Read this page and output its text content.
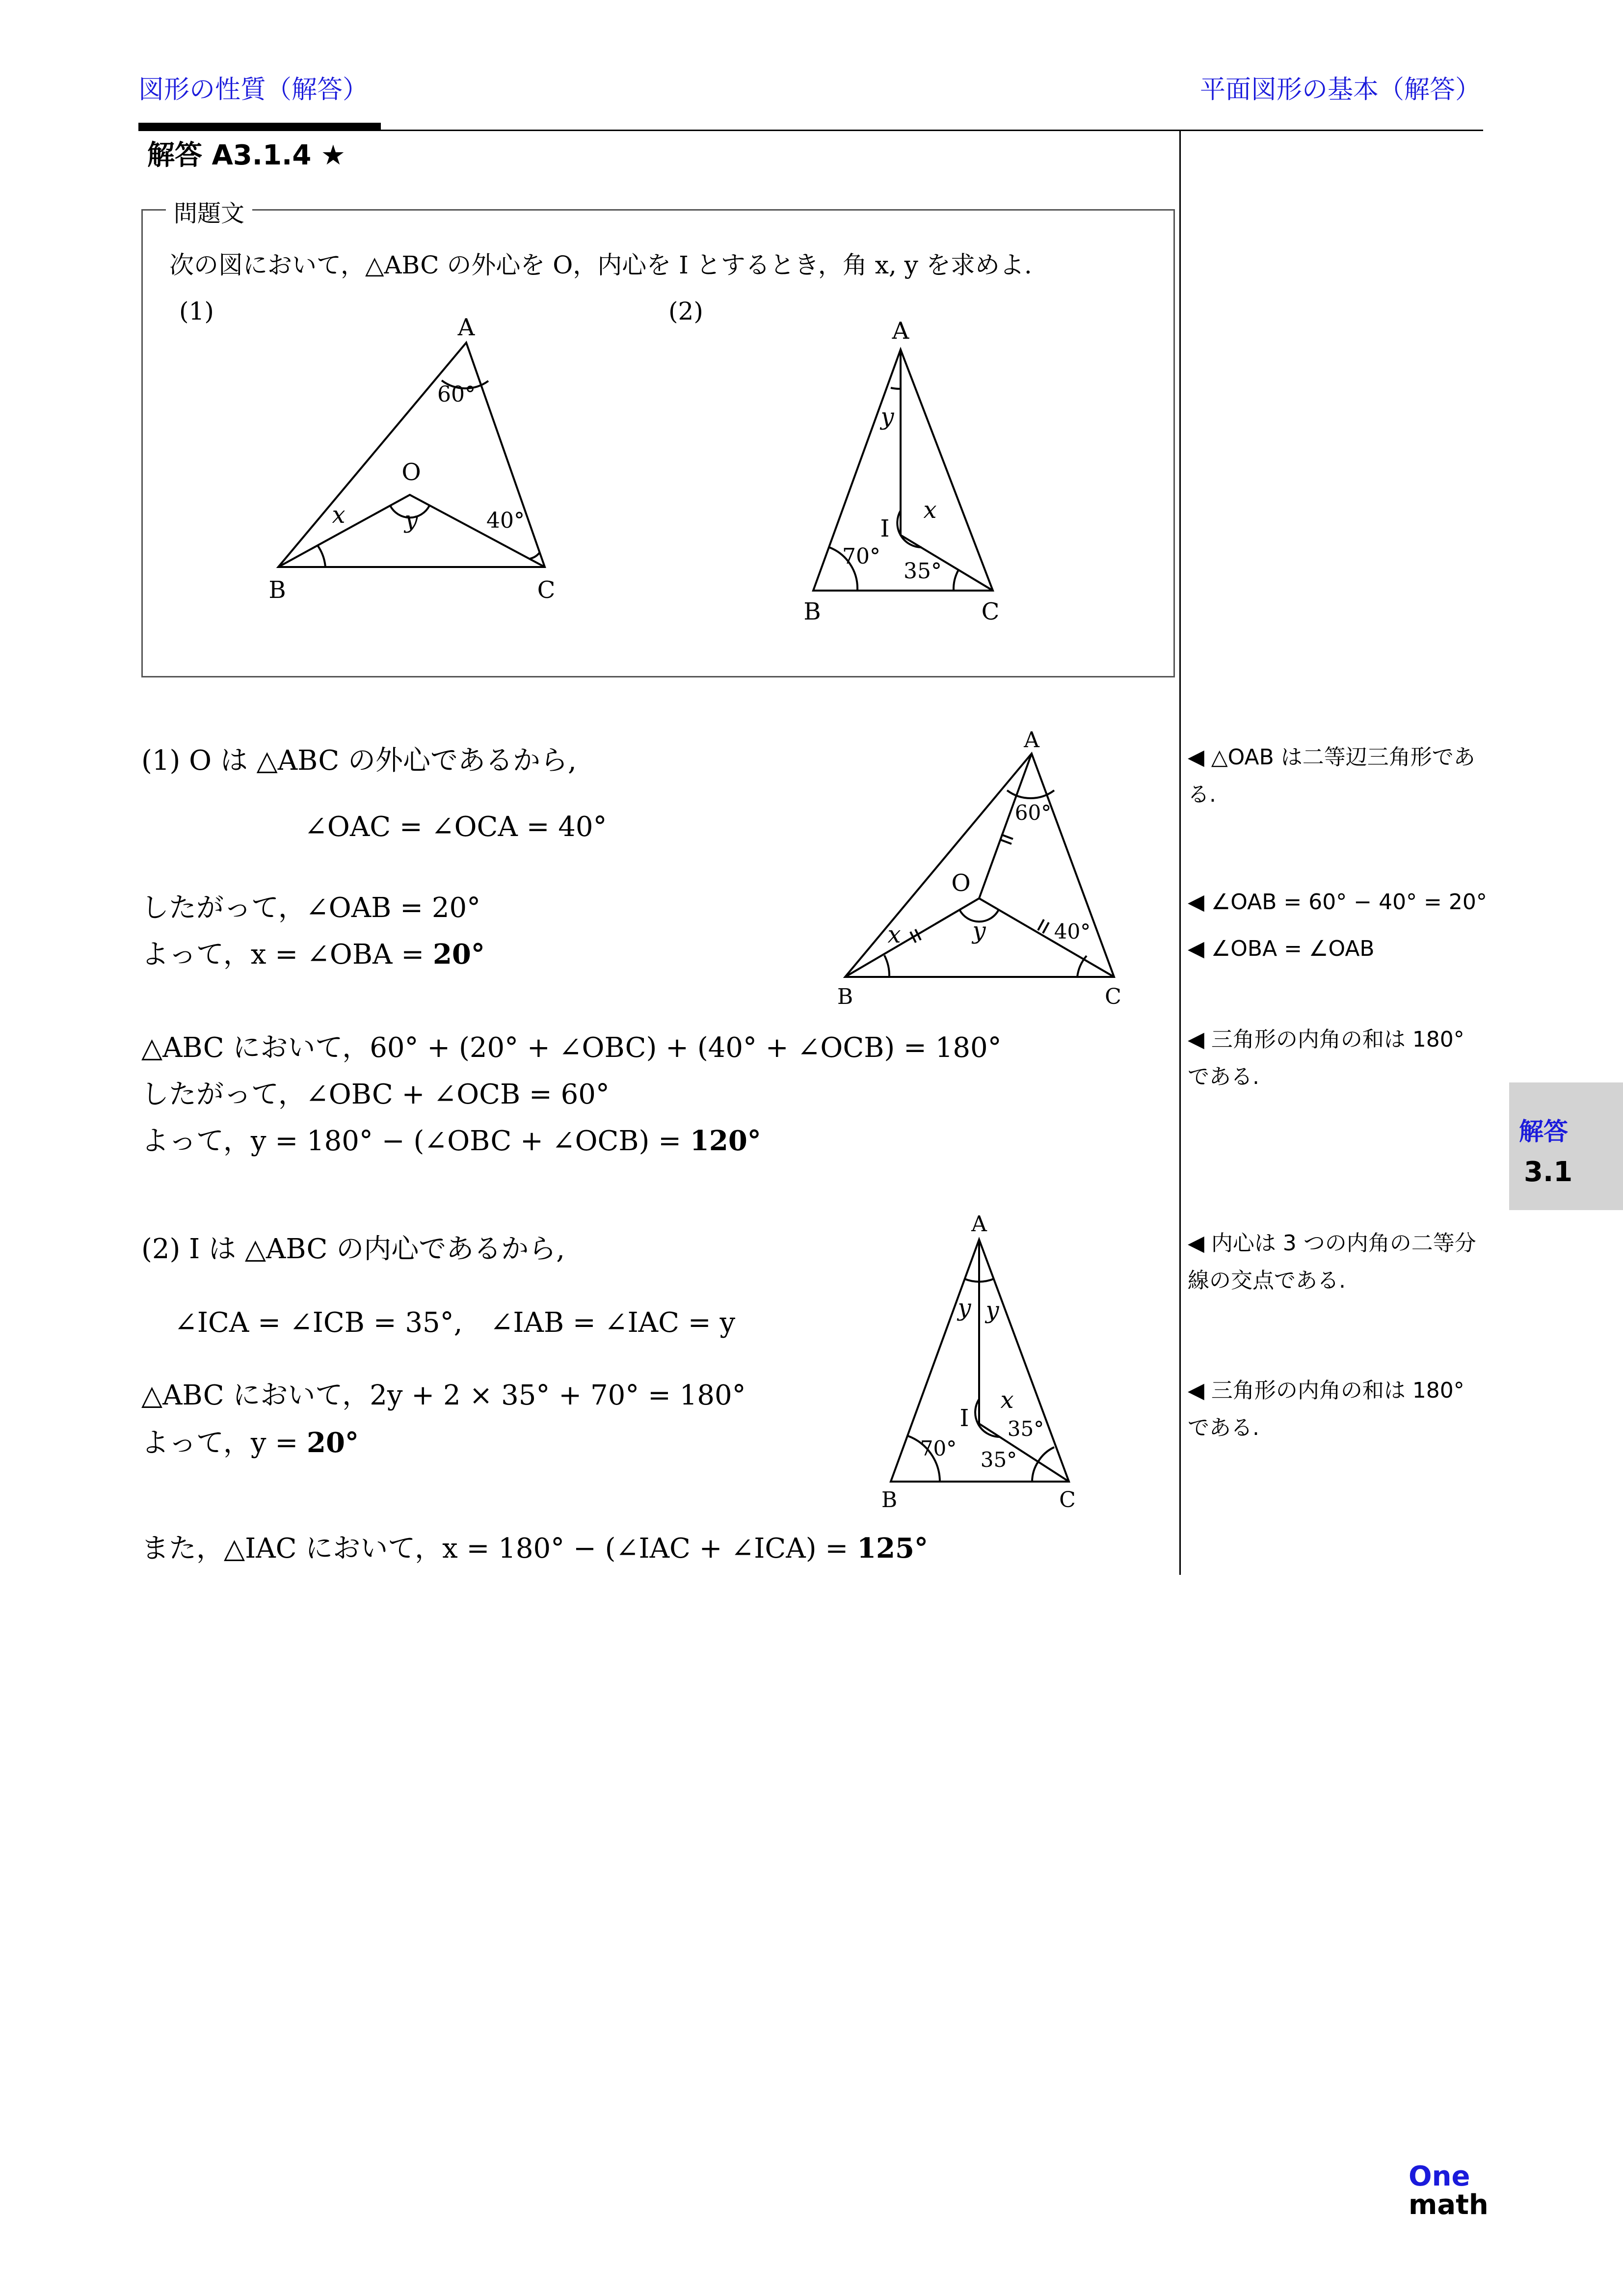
図形の性質（解答）	平面図形の基本（解答）
解答 A3.1.4 ★
問題文
次の図において，△ABC の外心を O，内心を I とするとき，角 x, y を求めよ.
(1)	(2)
A
B	C
O
60°
40°
x	y
A
B	C
I
y
x
70°
35°
A
B	C
O
60°
40°
x	y
A
B	C
I
y y
x
35°
35°
70°
(1) O は △ABC の外心であるから,
∠OAC = ∠OCA = 40°
したがって，∠OAB = 20°
よって，x = ∠OBA = 20°
△ABC において，60° + (20° + ∠OBC) + (40° + ∠OCB) = 180°
したがって，∠OBC + ∠OCB = 60°
よって，y = 180° − (∠OBC + ∠OCB) = 120°
(2) I は △ABC の内心であるから,
∠ICA = ∠ICB = 35°,　∠IAB = ∠IAC = y
△ABC において，2y + 2 × 35° + 70° = 180°
よって，y = 20°
また，△IAC において，x = 180° − (∠IAC + ∠ICA) = 125°
◀ △OAB は二等辺三角形である.
◀ ∠OAB = 60° − 40° = 20°
◀ ∠OBA = ∠OAB
◀ 三角形の内角の和は 180° である.
◀ 内心は 3 つの内角の二等分線の交点である.
◀ 三角形の内角の和は 180° である.
解答
3.1
One
math
